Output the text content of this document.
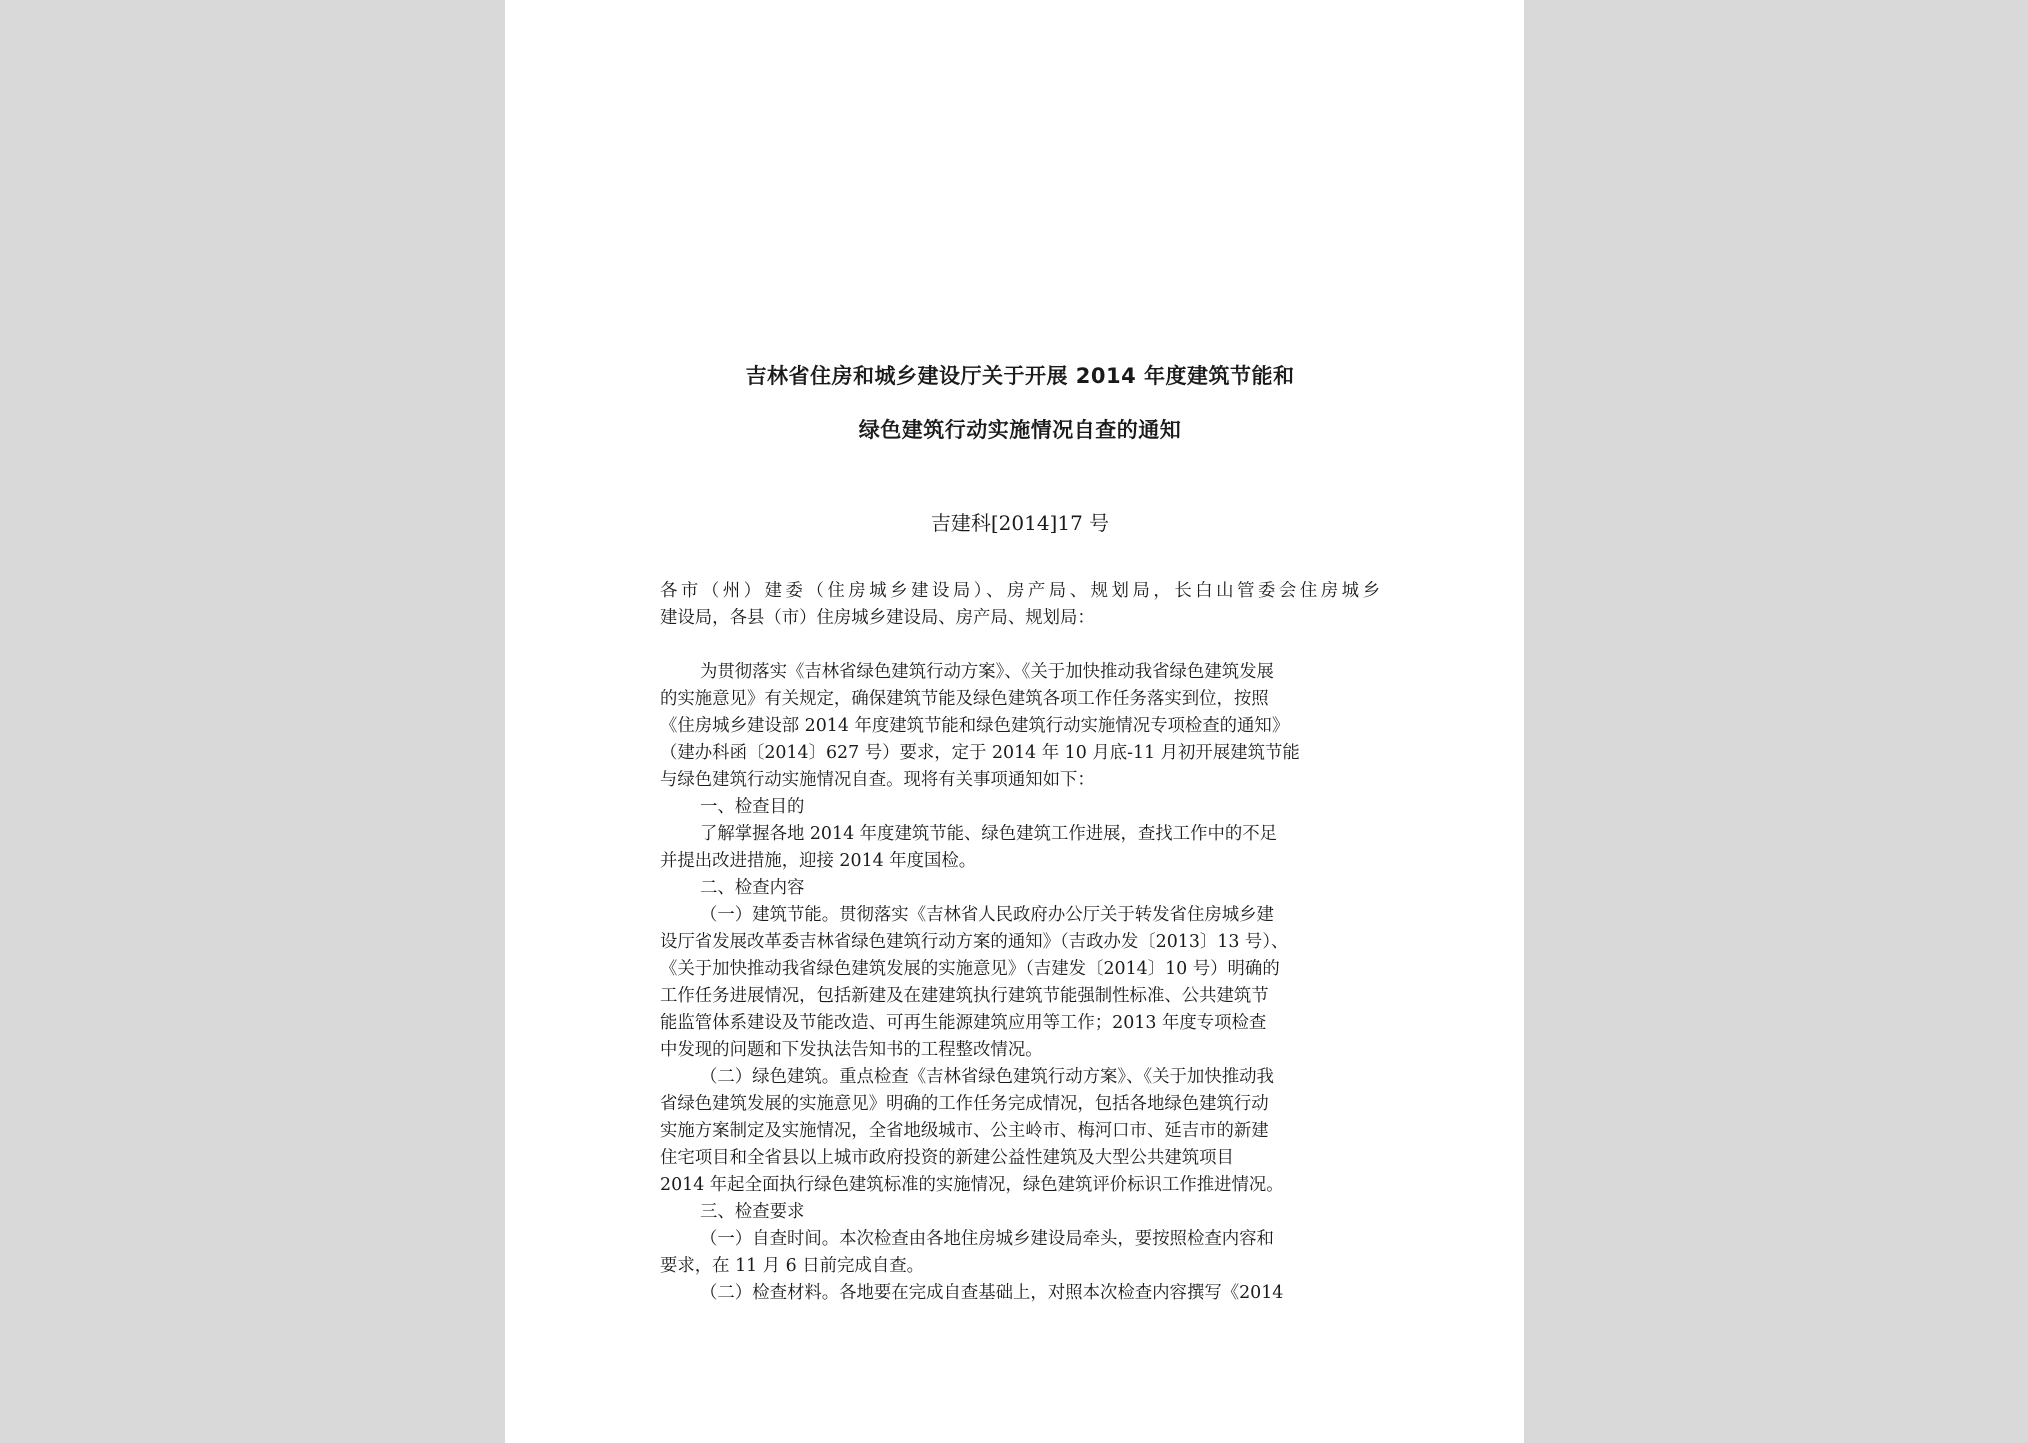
吉林省住房和城乡建设厅关于开展 2014 年度建筑节能和
绿色建筑行动实施情况自查的通知
吉建科[2014]17 号
各市（州）建委（住房城乡建设局）、房产局、规划局，长白山管委会住房城乡
建设局，各县（市）住房城乡建设局、房产局、规划局：
为贯彻落实《吉林省绿色建筑行动方案》、《关于加快推动我省绿色建筑发展
的实施意见》有关规定，确保建筑节能及绿色建筑各项工作任务落实到位，按照
《住房城乡建设部 2014 年度建筑节能和绿色建筑行动实施情况专项检查的通知》
（建办科函〔2014〕627 号）要求，定于 2014 年 10 月底-11 月初开展建筑节能
与绿色建筑行动实施情况自查。现将有关事项通知如下：
一、检查目的
了解掌握各地 2014 年度建筑节能、绿色建筑工作进展，查找工作中的不足
并提出改进措施，迎接 2014 年度国检。
二、检查内容
（一）建筑节能。贯彻落实《吉林省人民政府办公厅关于转发省住房城乡建
设厅省发展改革委吉林省绿色建筑行动方案的通知》（吉政办发〔2013〕13 号）、
《关于加快推动我省绿色建筑发展的实施意见》（吉建发〔2014〕10 号）明确的
工作任务进展情况，包括新建及在建建筑执行建筑节能强制性标准、公共建筑节
能监管体系建设及节能改造、可再生能源建筑应用等工作；2013 年度专项检查
中发现的问题和下发执法告知书的工程整改情况。
（二）绿色建筑。重点检查《吉林省绿色建筑行动方案》、《关于加快推动我
省绿色建筑发展的实施意见》明确的工作任务完成情况，包括各地绿色建筑行动
实施方案制定及实施情况，全省地级城市、公主岭市、梅河口市、延吉市的新建
住宅项目和全省县以上城市政府投资的新建公益性建筑及大型公共建筑项目
2014 年起全面执行绿色建筑标准的实施情况，绿色建筑评价标识工作推进情况。
三、检查要求
（一）自查时间。本次检查由各地住房城乡建设局牵头，要按照检查内容和
要求，在 11 月 6 日前完成自查。
（二）检查材料。各地要在完成自查基础上，对照本次检查内容撰写《2014
